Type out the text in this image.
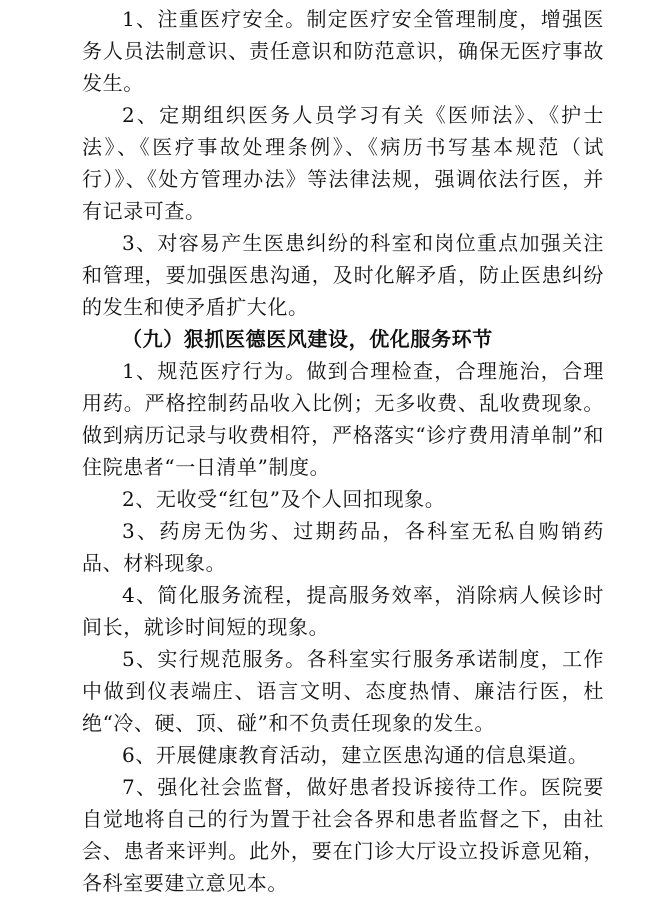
1、注重医疗安全。制定医疗安全管理制度，增强医务人员法制意识、责任意识和防范意识，确保无医疗事故发生。

2、定期组织医务人员学习有关《医师法》、《护士法》、《医疗事故处理条例》、《病历书写基本规范（试行）》、《处方管理办法》等法律法规，强调依法行医，并有记录可查。

3、对容易产生医患纠纷的科室和岗位重点加强关注和管理，要加强医患沟通，及时化解矛盾，防止医患纠纷的发生和使矛盾扩大化。

（九）狠抓医德医风建设，优化服务环节

1、规范医疗行为。做到合理检查，合理施治，合理用药。严格控制药品收入比例；无多收费、乱收费现象。做到病历记录与收费相符，严格落实“诊疗费用清单制”和住院患者“一日清单”制度。

2、无收受“红包”及个人回扣现象。

3、药房无伪劣、过期药品，各科室无私自购销药品、材料现象。

4、简化服务流程，提高服务效率，消除病人候诊时间长，就诊时间短的现象。

5、实行规范服务。各科室实行服务承诺制度，工作中做到仪表端庄、语言文明、态度热情、廉洁行医，杜绝“冷、硬、顶、碰”和不负责任现象的发生。

6、开展健康教育活动，建立医患沟通的信息渠道。

7、强化社会监督，做好患者投诉接待工作。医院要自觉地将自己的行为置于社会各界和患者监督之下，由社会、患者来评判。此外，要在门诊大厅设立投诉意见箱，各科室要建立意见本。
